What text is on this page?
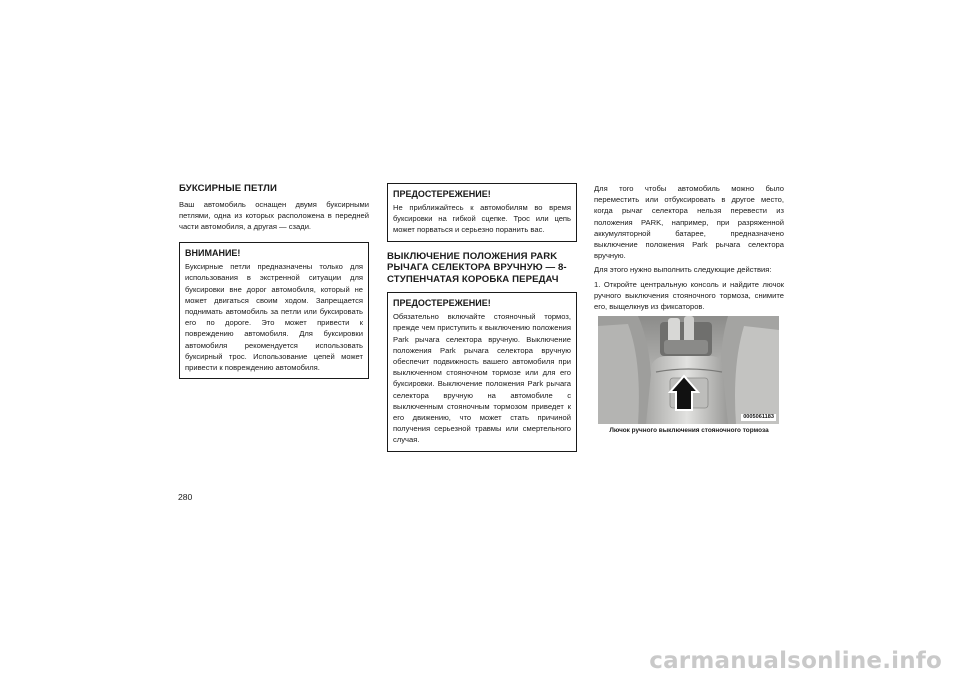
БУКСИРНЫЕ ПЕТЛИ
Ваш автомобиль оснащен двумя буксирными петлями, одна из которых расположена в передней части автомобиля, а другая — сзади.
ВНИМАНИЕ!
Буксирные петли предназначены только для использования в экстренной ситуации для буксировки вне дорог автомобиля, который не может двигаться своим ходом. Запрещается поднимать автомобиль за петли или буксировать его по дороге. Это может привести к повреждению автомобиля. Для буксировки автомобиля рекомендуется использовать буксирный трос. Использование цепей может привести к повреждению автомобиля.
ПРЕДОСТЕРЕЖЕНИЕ!
Не приближайтесь к автомобилям во время буксировки на гибкой сцепке. Трос или цепь может порваться и серьезно поранить вас.
ВЫКЛЮЧЕНИЕ ПОЛОЖЕНИЯ PARK РЫЧАГА СЕЛЕКТОРА ВРУЧНУЮ — 8-СТУПЕНЧАТАЯ КОРОБКА ПЕРЕДАЧ
ПРЕДОСТЕРЕЖЕНИЕ!
Обязательно включайте стояночный тормоз, прежде чем приступить к выключению положения Park рычага селектора вручную. Выключение положения Park рычага селектора вручную обеспечит подвижность вашего автомобиля при выключенном стояночном тормозе или для его буксировки. Выключение положения Park рычага селектора вручную на автомобиле с выключенным стояночным тормозом приведет к его движению, что может стать причиной получения серьезной травмы или смертельного случая.
Для того чтобы автомобиль можно было переместить или отбуксировать в другое место, когда рычаг селектора нельзя перевести из положения PARK, например, при разряженной аккумуляторной батарее, предназначено выключение положения Park рычага селектора вручную.
Для этого нужно выполнить следующие действия:
1. Откройте центральную консоль и найдите лючок ручного выключения стояночного тормоза, снимите его, выщелкнув из фиксаторов.
0005061183
Лючок ручного выключения стояночного тормоза
280
carmanualsonline.info
